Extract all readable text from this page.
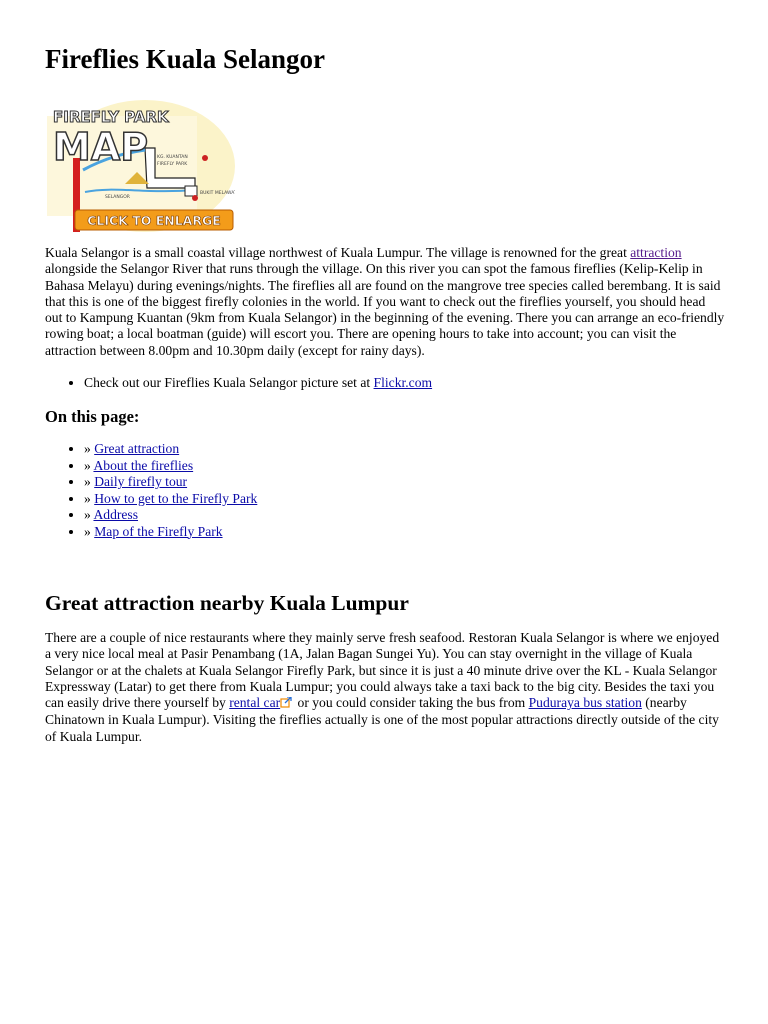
Fireflies Kuala Selangor
KG. KUANTAN
FIREFLY PARK
SELANGOR
BUKIT MELAWATI
FIREFLY PARK
MAP
CLICK TO ENLARGE

Kuala Selangor is a small coastal village northwest of Kuala Lumpur. The village is renowned for the great attraction alongside the Selangor River that runs through the village. On this river you can spot the famous fireflies (Kelip-Kelip in Bahasa Melayu) during evenings/nights. The fireflies all are found on the mangrove tree species called berembang. It is said that this is one of the biggest firefly colonies in the world. If you want to check out the fireflies yourself, you should head out to Kampung Kuantan (9km from Kuala Selangor) in the beginning of the evening. There you can arrange an eco-friendly rowing boat; a local boatman (guide) will escort you. There are opening hours to take into account; you can visit the attraction between 8.00pm and 10.30pm daily (except for rainy days).

• Check out our Fireflies Kuala Selangor picture set at Flickr.com
On this page:
• » Great attraction
• » About the fireflies
• » Daily firefly tour
• » How to get to the Firefly Park
• » Address
• » Map of the Firefly Park
Great attraction nearby Kuala Lumpur

There are a couple of nice restaurants where they mainly serve fresh seafood. Restoran Kuala Selangor is where we enjoyed a very nice local meal at Pasir Penambang (1A, Jalan Bagan Sungei Yu). You can stay overnight in the village of Kuala Selangor or at the chalets at Kuala Selangor Firefly Park, but since it is just a 40 minute drive over the KL - Kuala Selangor Expressway (Latar) to get there from Kuala Lumpur; you could always take a taxi back to the big city. Besides the taxi you can easily drive there yourself by rental car or you could consider taking the bus from Puduraya bus station (nearby Chinatown in Kuala Lumpur). Visiting the fireflies actually is one of the most popular attractions directly outside of the city of Kuala Lumpur.
